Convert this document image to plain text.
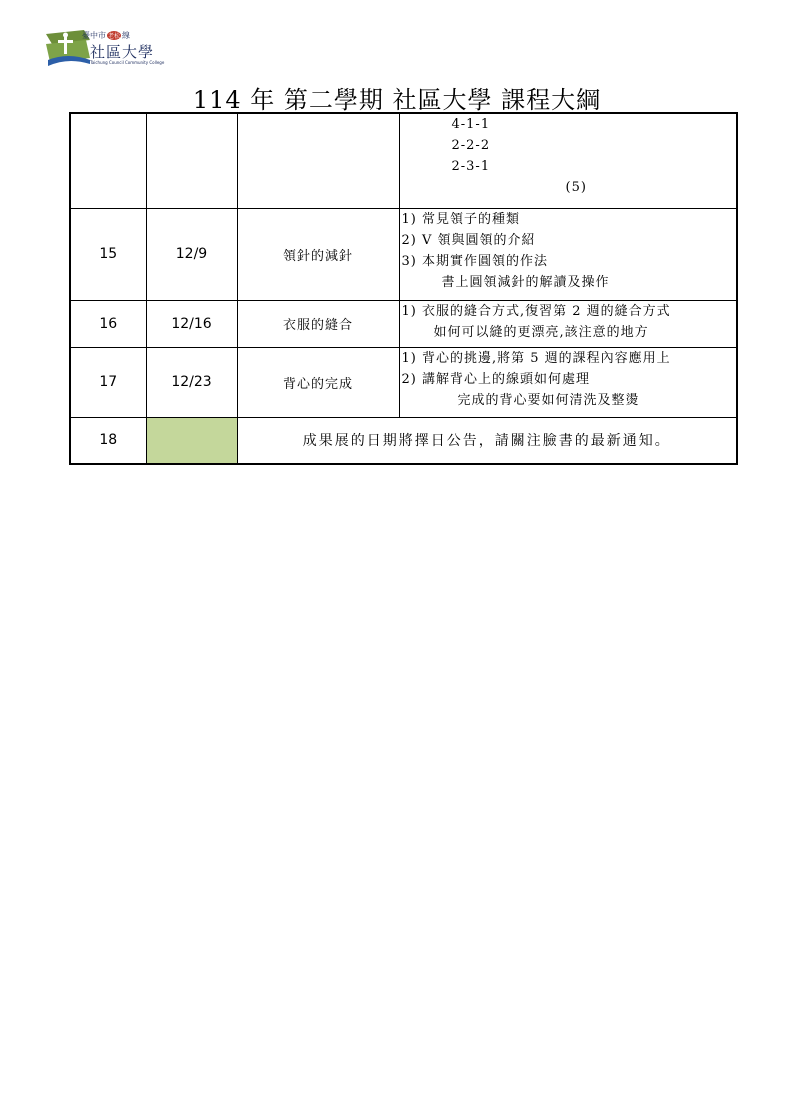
臺中市 老松 線
社區大學
Taichung Council Community College
114 年 第二學期 社區大學 課程大綱

			4-1-1
2-2-2
2-3-1
(5)

15	12/9	領針的減針	1) 常見領子的種類
2) V 領與圓領的介紹
3) 本期實作圓領的作法
書上圓領減針的解讀及操作

16	12/16	衣服的縫合	1) 衣服的縫合方式,復習第 2 週的縫合方式
如何可以縫的更漂亮,該注意的地方

17	12/23	背心的完成	1) 背心的挑邊,將第 5 週的課程內容應用上
2) 講解背心上的線頭如何處理
完成的背心要如何清洗及整燙

18		成果展的日期將擇日公告，請關注臉書的最新通知。	
